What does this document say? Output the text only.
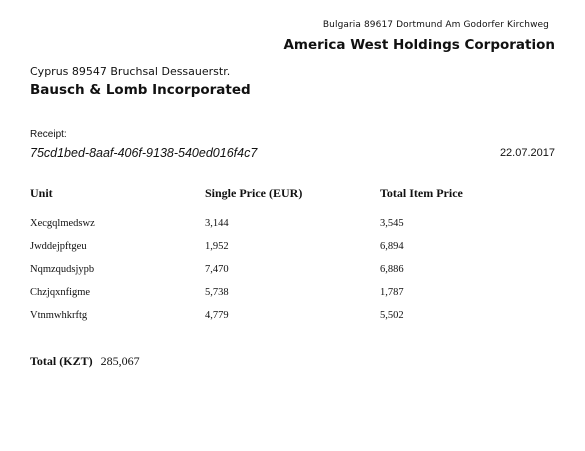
Bulgaria 89617 Dortmund Am Godorfer Kirchweg
America West Holdings Corporation
Cyprus 89547 Bruchsal Dessauerstr.
Bausch & Lomb Incorporated
Receipt:
75cd1bed-8aaf-406f-9138-540ed016f4c7	22.07.2017
Unit	Single Price (EUR)	Total Item Price
Xecgqlmedswz	3,144	3,545
Jwddejpftgeu	1,952	6,894
Nqmzqudsjypb	7,470	6,886
Chzjqxnfigme	5,738	1,787
Vtnmwhkrftg	4,779	5,502
Total (KZT) 285,067
